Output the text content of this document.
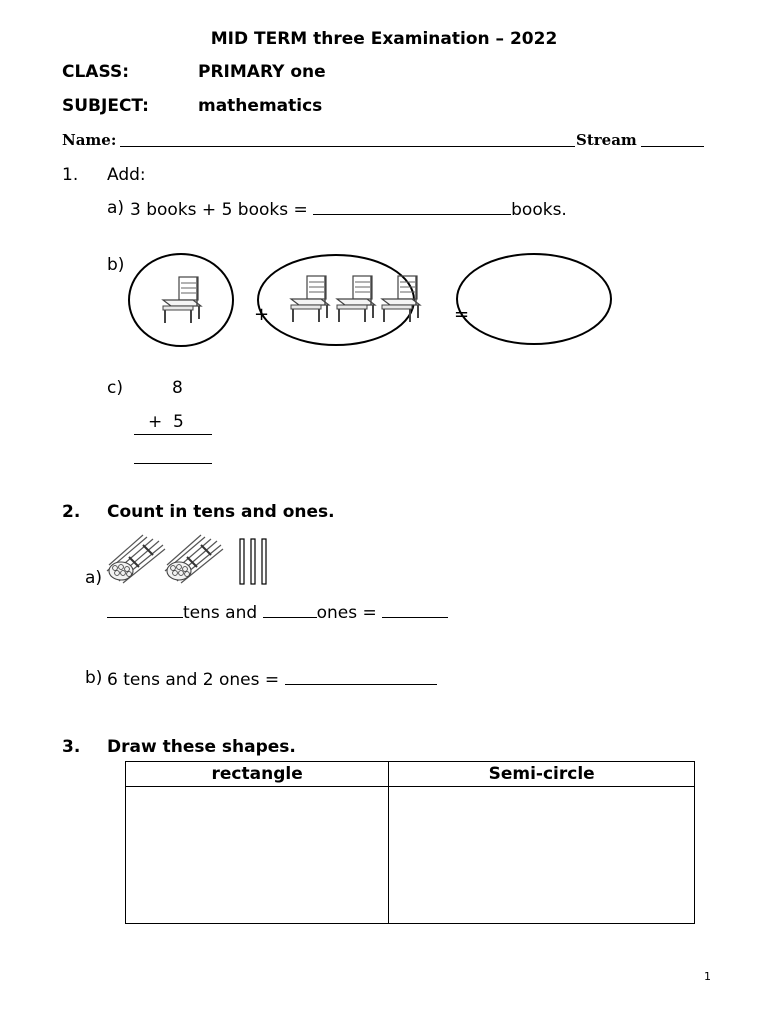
MID TERM three Examination – 2022
CLASS:	PRIMARY one
SUBJECT:	mathematics
Name:	Stream
1. Add:
a) 3 books + 5 books =	books.
b)
+	=
c)	8
+  5
2. Count in tens and ones.
a)
tens and	ones =
b) 6 tens and 2 ones =
3. Draw these shapes.
rectangle	Semi-circle

1
